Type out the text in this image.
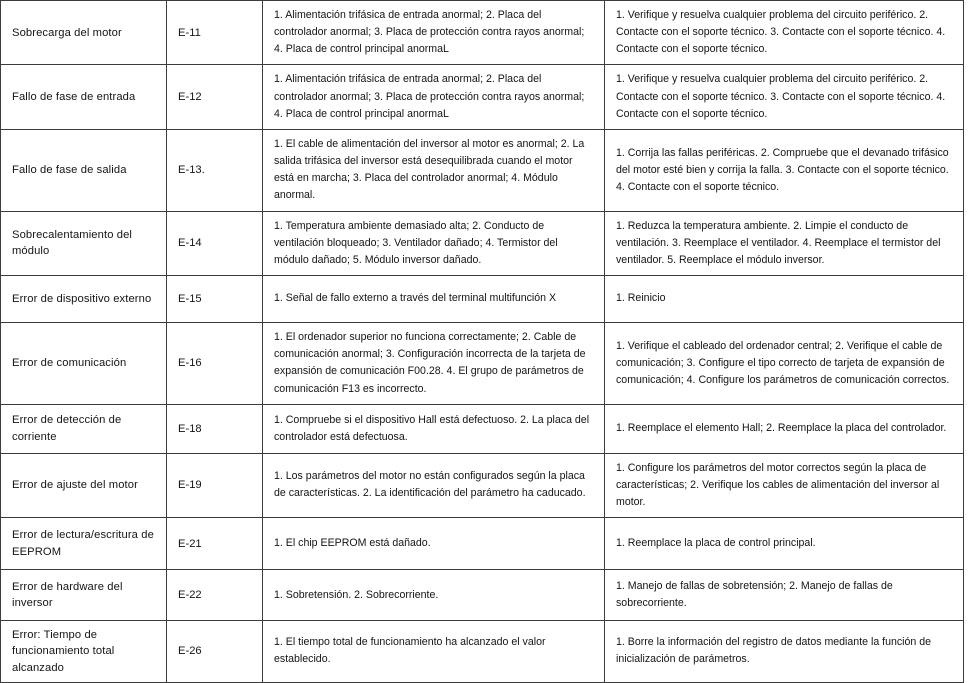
Sobrecarga del motor	E-11	1. Alimentación trifásica de entrada anormal; 2. Placa del controlador anormal; 3. Placa de protección contra rayos anormal; 4. Placa de control principal anormaL	1. Verifique y resuelva cualquier problema del circuito periférico. 2. Contacte con el soporte técnico. 3. Contacte con el soporte técnico. 4. Contacte con el soporte técnico.
Fallo de fase de entrada	E-12	1. Alimentación trifásica de entrada anormal; 2. Placa del controlador anormal; 3. Placa de protección contra rayos anormal; 4. Placa de control principal anormaL	1. Verifique y resuelva cualquier problema del circuito periférico. 2. Contacte con el soporte técnico. 3. Contacte con el soporte técnico. 4. Contacte con el soporte técnico.
Fallo de fase de salida	E-13.	1. El cable de alimentación del inversor al motor es anormal; 2. La salida trifásica del inversor está desequilibrada cuando el motor está en marcha; 3. Placa del controlador anormal; 4. Módulo anormal.	1. Corrija las fallas periféricas. 2. Compruebe que el devanado trifásico del motor esté bien y corrija la falla. 3. Contacte con el soporte técnico. 4. Contacte con el soporte técnico.
Sobrecalentamiento del módulo	E-14	1. Temperatura ambiente demasiado alta; 2. Conducto de ventilación bloqueado; 3. Ventilador dañado; 4. Termistor del módulo dañado; 5. Módulo inversor dañado.	1. Reduzca la temperatura ambiente. 2. Limpie el conducto de ventilación. 3. Reemplace el ventilador. 4. Reemplace el termistor del ventilador. 5. Reemplace el módulo inversor.
Error de dispositivo externo	E-15	1. Señal de fallo externo a través del terminal multifunción X	1. Reinicio
Error de comunicación	E-16	1. El ordenador superior no funciona correctamente; 2. Cable de comunicación anormal; 3. Configuración incorrecta de la tarjeta de expansión de comunicación F00.28. 4. El grupo de parámetros de comunicación F13 es incorrecto.	1. Verifique el cableado del ordenador central; 2. Verifique el cable de comunicación; 3. Configure el tipo correcto de tarjeta de expansión de comunicación; 4. Configure los parámetros de comunicación correctos.
Error de detección de corriente	E-18	1. Compruebe si el dispositivo Hall está defectuoso. 2. La placa del controlador está defectuosa.	1. Reemplace el elemento Hall; 2. Reemplace la placa del controlador.
Error de ajuste del motor	E-19	1. Los parámetros del motor no están configurados según la placa de características. 2. La identificación del parámetro ha caducado.	1. Configure los parámetros del motor correctos según la placa de características; 2. Verifique los cables de alimentación del inversor al motor.
Error de lectura/escritura de EEPROM	E-21	1. El chip EEPROM está dañado.	1. Reemplace la placa de control principal.
Error de hardware del inversor	E-22	1. Sobretensión. 2. Sobrecorriente.	1. Manejo de fallas de sobretensión; 2. Manejo de fallas de sobrecorriente.
Error: Tiempo de funcionamiento total alcanzado	E-26	1. El tiempo total de funcionamiento ha alcanzado el valor establecido.	1. Borre la información del registro de datos mediante la función de inicialización de parámetros.
